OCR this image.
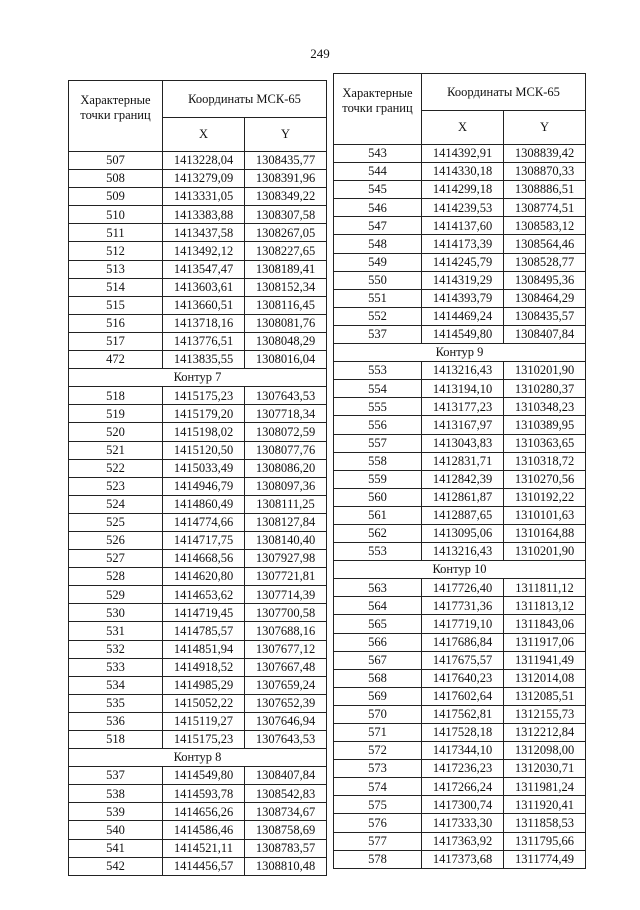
249
Характерные точки границ	Координаты МСК-65	
	X	Y
507	1413228,04	1308435,77
508	1413279,09	1308391,96
509	1413331,05	1308349,22
510	1413383,88	1308307,58
511	1413437,58	1308267,05
512	1413492,12	1308227,65
513	1413547,47	1308189,41
514	1413603,61	1308152,34
515	1413660,51	1308116,45
516	1413718,16	1308081,76
517	1413776,51	1308048,29
472	1413835,55	1308016,04
Контур 7		
518	1415175,23	1307643,53
519	1415179,20	1307718,34
520	1415198,02	1308072,59
521	1415120,50	1308077,76
522	1415033,49	1308086,20
523	1414946,79	1308097,36
524	1414860,49	1308111,25
525	1414774,66	1308127,84
526	1414717,75	1308140,40
527	1414668,56	1307927,98
528	1414620,80	1307721,81
529	1414653,62	1307714,39
530	1414719,45	1307700,58
531	1414785,57	1307688,16
532	1414851,94	1307677,12
533	1414918,52	1307667,48
534	1414985,29	1307659,24
535	1415052,22	1307652,39
536	1415119,27	1307646,94
518	1415175,23	1307643,53
Контур 8		
537	1414549,80	1308407,84
538	1414593,78	1308542,83
539	1414656,26	1308734,67
540	1414586,46	1308758,69
541	1414521,11	1308783,57
542	1414456,57	1308810,48
Характерные точки границ	Координаты МСК-65	
	X	Y
543	1414392,91	1308839,42
544	1414330,18	1308870,33
545	1414299,18	1308886,51
546	1414239,53	1308774,51
547	1414137,60	1308583,12
548	1414173,39	1308564,46
549	1414245,79	1308528,77
550	1414319,29	1308495,36
551	1414393,79	1308464,29
552	1414469,24	1308435,57
537	1414549,80	1308407,84
Контур 9		
553	1413216,43	1310201,90
554	1413194,10	1310280,37
555	1413177,23	1310348,23
556	1413167,97	1310389,95
557	1413043,83	1310363,65
558	1412831,71	1310318,72
559	1412842,39	1310270,56
560	1412861,87	1310192,22
561	1412887,65	1310101,63
562	1413095,06	1310164,88
553	1413216,43	1310201,90
Контур 10		
563	1417726,40	1311811,12
564	1417731,36	1311813,12
565	1417719,10	1311843,06
566	1417686,84	1311917,06
567	1417675,57	1311941,49
568	1417640,23	1312014,08
569	1417602,64	1312085,51
570	1417562,81	1312155,73
571	1417528,18	1312212,84
572	1417344,10	1312098,00
573	1417236,23	1312030,71
574	1417266,24	1311981,24
575	1417300,74	1311920,41
576	1417333,30	1311858,53
577	1417363,92	1311795,66
578	1417373,68	1311774,49
